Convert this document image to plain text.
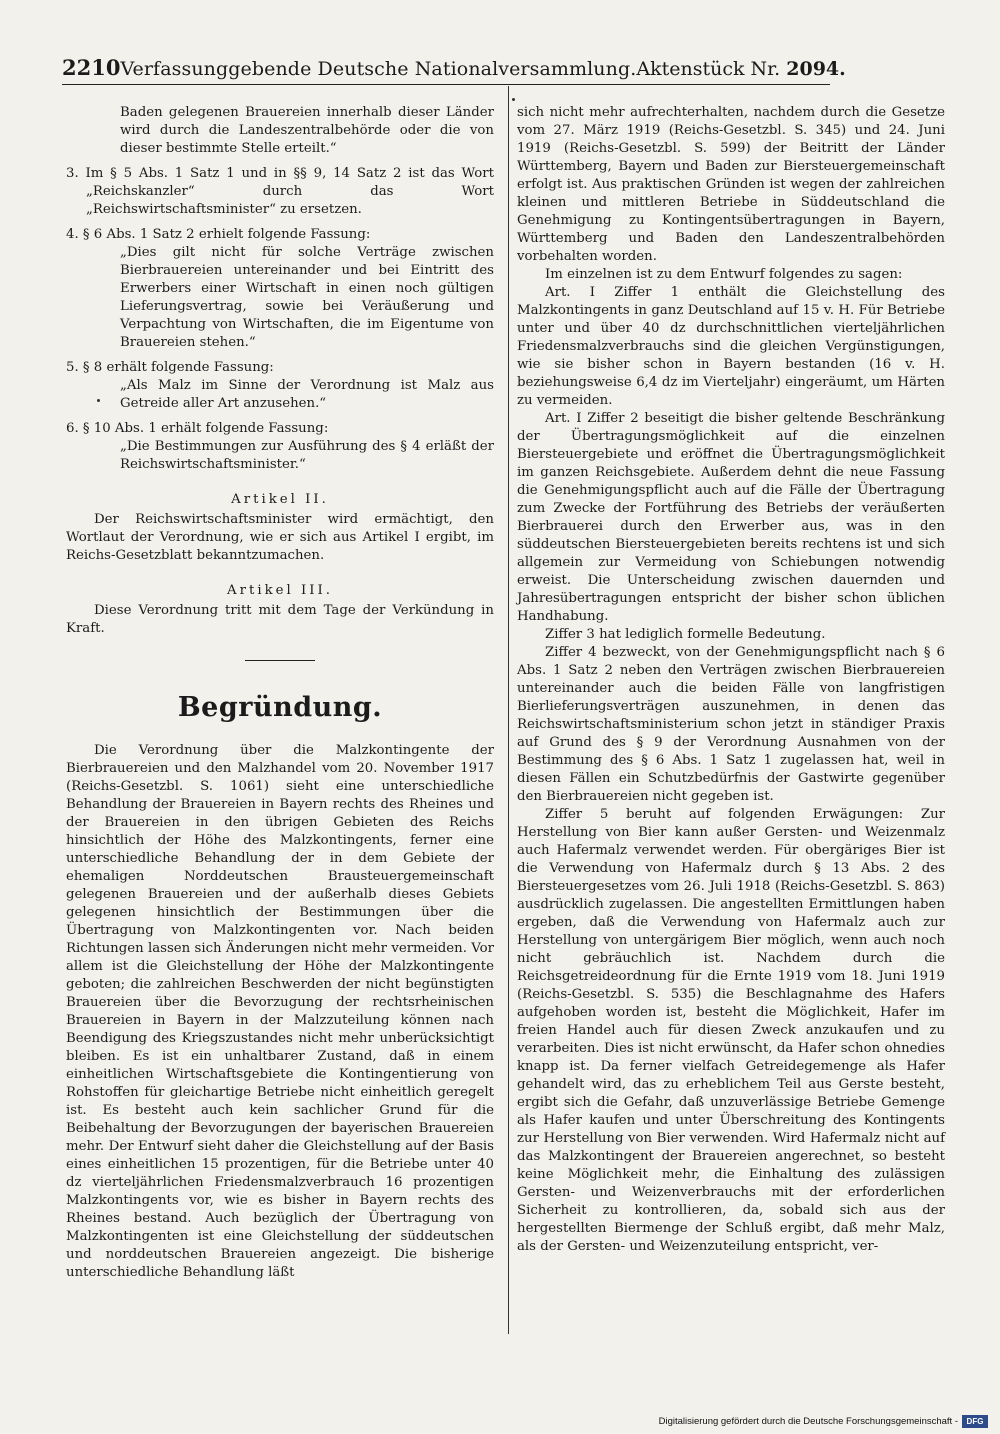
2210 Verfassunggebende Deutsche Nationalversammlung. Aktenstück Nr. 2094.

Baden gelegenen Brauereien innerhalb dieser Länder wird durch die Landeszentralbehörde oder die von dieser bestimmte Stelle erteilt.“

3. Im § 5 Abs. 1 Satz 1 und in §§ 9, 14 Satz 2 ist das Wort „Reichskanzler“ durch das Wort „Reichswirtschaftsminister“ zu ersetzen.

4. § 6 Abs. 1 Satz 2 erhielt folgende Fassung:

„Dies gilt nicht für solche Verträge zwischen Bierbrauereien untereinander und bei Eintritt des Erwerbers einer Wirtschaft in einen noch gültigen Lieferungsvertrag, sowie bei Veräußerung und Verpachtung von Wirtschaften, die im Eigentume von Brauereien stehen.“

5. § 8 erhält folgende Fassung:

„Als Malz im Sinne der Verordnung ist Malz aus Getreide aller Art anzusehen.“

6. § 10 Abs. 1 erhält folgende Fassung:

„Die Bestimmungen zur Ausführung des § 4 erläßt der Reichswirtschaftsminister.“

Artikel II.

Der Reichswirtschaftsminister wird ermächtigt, den Wortlaut der Verordnung, wie er sich aus Artikel I ergibt, im Reichs-Gesetzblatt bekanntzumachen.

Artikel III.

Diese Verordnung tritt mit dem Tage der Verkündung in Kraft.

Begründung.

Die Verordnung über die Malzkontingente der Bierbrauereien und den Malzhandel vom 20. November 1917 (Reichs-Gesetzbl. S. 1061) sieht eine unterschiedliche Behandlung der Brauereien in Bayern rechts des Rheines und der Brauereien in den übrigen Gebieten des Reichs hinsichtlich der Höhe des Malzkontingents, ferner eine unterschiedliche Behandlung der in dem Gebiete der ehemaligen Norddeutschen Brausteuergemeinschaft gelegenen Brauereien und der außerhalb dieses Gebiets gelegenen hinsichtlich der Bestimmungen über die Übertragung von Malzkontingenten vor. Nach beiden Richtungen lassen sich Änderungen nicht mehr vermeiden. Vor allem ist die Gleichstellung der Höhe der Malzkontingente geboten; die zahlreichen Beschwerden der nicht begünstigten Brauereien über die Bevorzugung der rechtsrheinischen Brauereien in Bayern in der Malzzuteilung können nach Beendigung des Kriegszustandes nicht mehr unberücksichtigt bleiben. Es ist ein unhaltbarer Zustand, daß in einem einheitlichen Wirtschaftsgebiete die Kontingentierung von Rohstoffen für gleichartige Betriebe nicht einheitlich geregelt ist. Es besteht auch kein sachlicher Grund für die Beibehaltung der Bevorzugungen der bayerischen Brauereien mehr. Der Entwurf sieht daher die Gleichstellung auf der Basis eines einheitlichen 15 prozentigen, für die Betriebe unter 40 dz vierteljährlichen Friedensmalzverbrauch 16 prozentigen Malzkontingents vor, wie es bisher in Bayern rechts des Rheines bestand. Auch bezüglich der Übertragung von Malzkontingenten ist eine Gleichstellung der süddeutschen und norddeutschen Brauereien angezeigt. Die bisherige unterschiedliche Behandlung läßt

sich nicht mehr aufrechterhalten, nachdem durch die Gesetze vom 27. März 1919 (Reichs-Gesetzbl. S. 345) und 24. Juni 1919 (Reichs-Gesetzbl. S. 599) der Beitritt der Länder Württemberg, Bayern und Baden zur Biersteuergemeinschaft erfolgt ist. Aus praktischen Gründen ist wegen der zahlreichen kleinen und mittleren Betriebe in Süddeutschland die Genehmigung zu Kontingentsübertragungen in Bayern, Württemberg und Baden den Landeszentralbehörden vorbehalten worden.

Im einzelnen ist zu dem Entwurf folgendes zu sagen:

Art. I Ziffer 1 enthält die Gleichstellung des Malzkontingents in ganz Deutschland auf 15 v. H. Für Betriebe unter und über 40 dz durchschnittlichen vierteljährlichen Friedensmalzverbrauchs sind die gleichen Vergünstigungen, wie sie bisher schon in Bayern bestanden (16 v. H. beziehungsweise 6,4 dz im Vierteljahr) eingeräumt, um Härten zu vermeiden.

Art. I Ziffer 2 beseitigt die bisher geltende Beschränkung der Übertragungsmöglichkeit auf die einzelnen Biersteuergebiete und eröffnet die Übertragungsmöglichkeit im ganzen Reichsgebiete. Außerdem dehnt die neue Fassung die Genehmigungspflicht auch auf die Fälle der Übertragung zum Zwecke der Fortführung des Betriebs der veräußerten Bierbrauerei durch den Erwerber aus, was in den süddeutschen Biersteuergebieten bereits rechtens ist und sich allgemein zur Vermeidung von Schiebungen notwendig erweist. Die Unterscheidung zwischen dauernden und Jahresübertragungen entspricht der bisher schon üblichen Handhabung.

Ziffer 3 hat lediglich formelle Bedeutung.

Ziffer 4 bezweckt, von der Genehmigungspflicht nach § 6 Abs. 1 Satz 2 neben den Verträgen zwischen Bierbrauereien untereinander auch die beiden Fälle von langfristigen Bierlieferungsverträgen auszunehmen, in denen das Reichswirtschaftsministerium schon jetzt in ständiger Praxis auf Grund des § 9 der Verordnung Ausnahmen von der Bestimmung des § 6 Abs. 1 Satz 1 zugelassen hat, weil in diesen Fällen ein Schutzbedürfnis der Gastwirte gegenüber den Bierbrauereien nicht gegeben ist.

Ziffer 5 beruht auf folgenden Erwägungen: Zur Herstellung von Bier kann außer Gersten- und Weizenmalz auch Hafermalz verwendet werden. Für obergäriges Bier ist die Verwendung von Hafermalz durch § 13 Abs. 2 des Biersteuergesetzes vom 26. Juli 1918 (Reichs-Gesetzbl. S. 863) ausdrücklich zugelassen. Die angestellten Ermittlungen haben ergeben, daß die Verwendung von Hafermalz auch zur Herstellung von untergärigem Bier möglich, wenn auch noch nicht gebräuchlich ist. Nachdem durch die Reichsgetreideordnung für die Ernte 1919 vom 18. Juni 1919 (Reichs-Gesetzbl. S. 535) die Beschlagnahme des Hafers aufgehoben worden ist, besteht die Möglichkeit, Hafer im freien Handel auch für diesen Zweck anzukaufen und zu verarbeiten. Dies ist nicht erwünscht, da Hafer schon ohnedies knapp ist. Da ferner vielfach Getreidegemenge als Hafer gehandelt wird, das zu erheblichem Teil aus Gerste besteht, ergibt sich die Gefahr, daß unzuverlässige Betriebe Gemenge als Hafer kaufen und unter Überschreitung des Kontingents zur Herstellung von Bier verwenden. Wird Hafermalz nicht auf das Malzkontingent der Brauereien angerechnet, so besteht keine Möglichkeit mehr, die Einhaltung des zulässigen Gersten- und Weizenverbrauchs mit der erforderlichen Sicherheit zu kontrollieren, da, sobald sich aus der hergestellten Biermenge der Schluß ergibt, daß mehr Malz, als der Gersten- und Weizenzuteilung entspricht, ver-

Digitalisierung gefördert durch die Deutsche Forschungsgemeinschaft -	DFG
